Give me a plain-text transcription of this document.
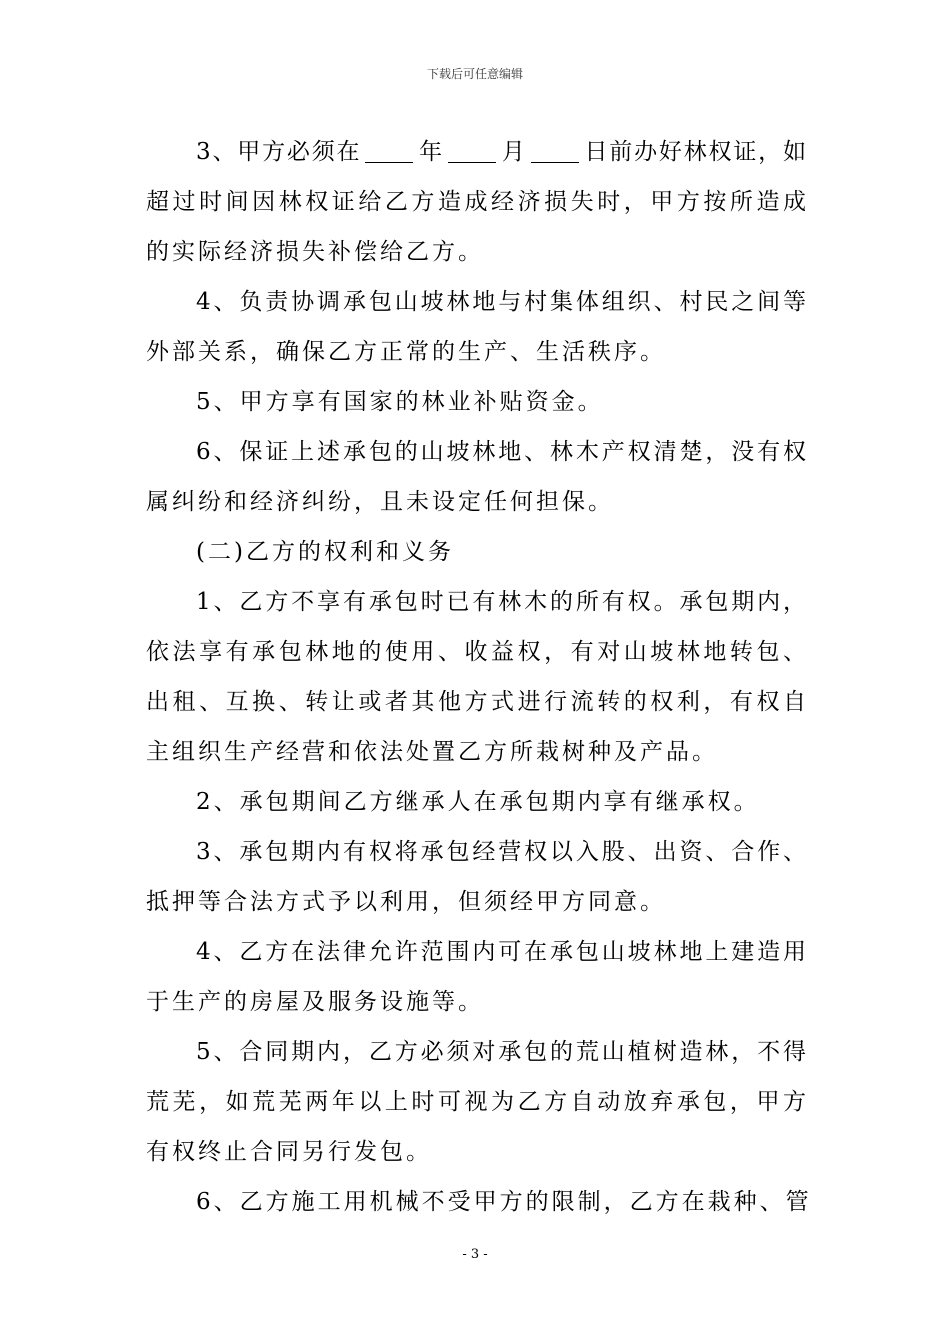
下载后可任意编辑
3、甲方必须在 年 月 日前办好林权证，如
超过时间因林权证给乙方造成经济损失时，甲方按所造成
的实际经济损失补偿给乙方。
4、负责协调承包山坡林地与村集体组织、村民之间等
外部关系，确保乙方正常的生产、生活秩序。
5、甲方享有国家的林业补贴资金。
6、保证上述承包的山坡林地、林木产权清楚，没有权
属纠纷和经济纠纷，且未设定任何担保。
(二)乙方的权利和义务
1、乙方不享有承包时已有林木的所有权。承包期内，
依法享有承包林地的使用、收益权，有对山坡林地转包、
出租、互换、转让或者其他方式进行流转的权利，有权自
主组织生产经营和依法处置乙方所栽树种及产品。
2、承包期间乙方继承人在承包期内享有继承权。
3、承包期内有权将承包经营权以入股、出资、合作、
抵押等合法方式予以利用，但须经甲方同意。
4、乙方在法律允许范围内可在承包山坡林地上建造用
于生产的房屋及服务设施等。
5、合同期内，乙方必须对承包的荒山植树造林，不得
荒芜，如荒芜两年以上时可视为乙方自动放弃承包，甲方
有权终止合同另行发包。
6、乙方施工用机械不受甲方的限制，乙方在栽种、管
- 3 -
